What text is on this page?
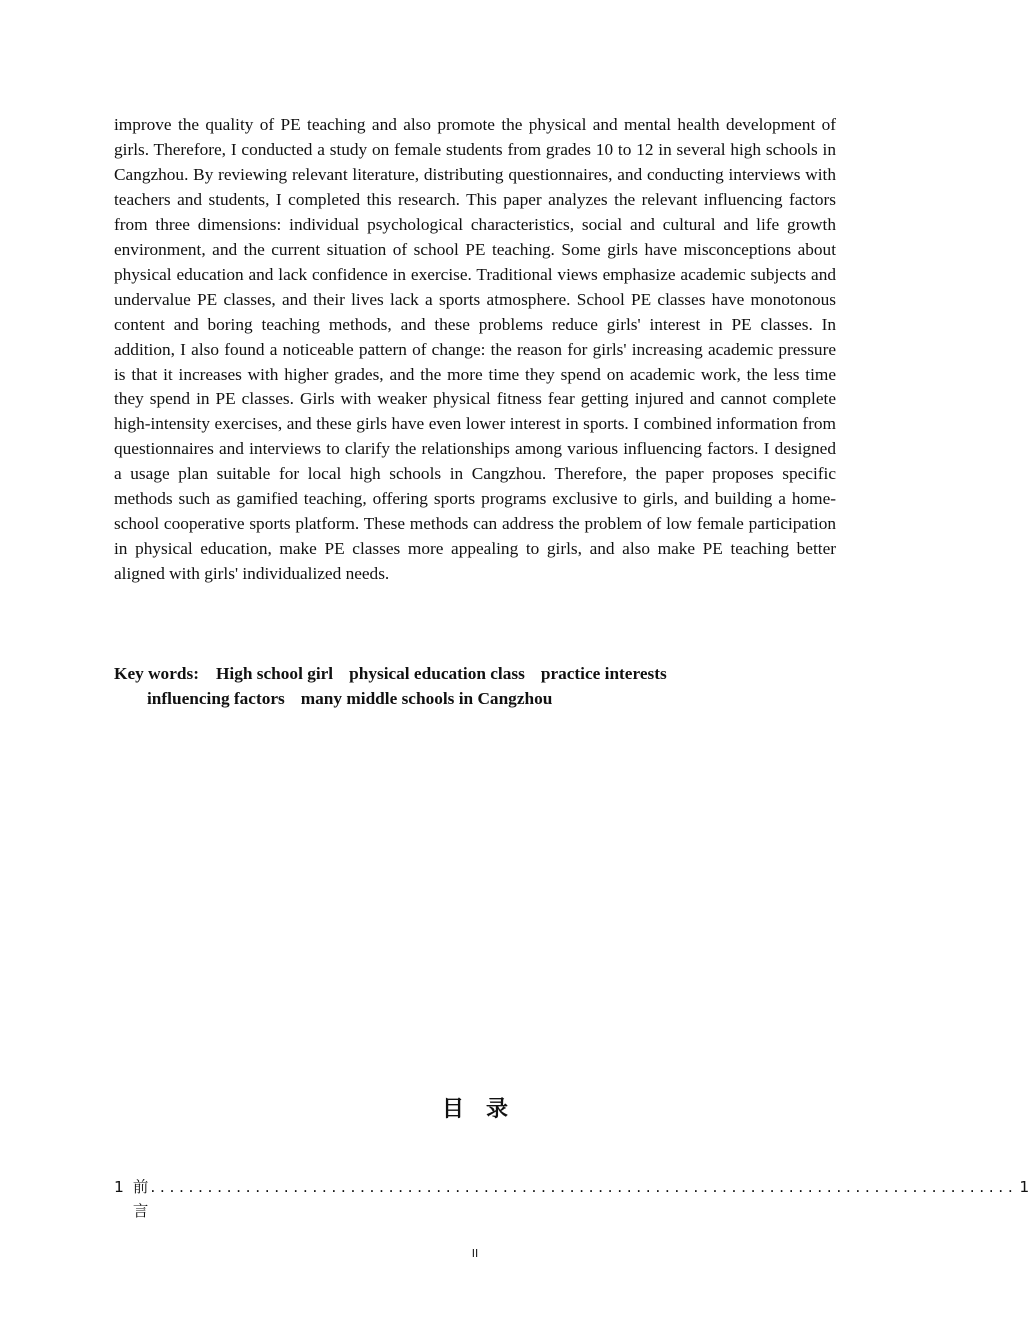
improve the quality of PE teaching and also promote the physical and mental health development of girls. Therefore, I conducted a study on female students from grades 10 to 12 in several high schools in Cangzhou. By reviewing relevant literature, distributing questionnaires, and conducting interviews with teachers and students, I completed this research. This paper analyzes the relevant influencing factors from three dimensions: individual psychological characteristics, social and cultural and life growth environment, and the current situation of school PE teaching. Some girls have misconceptions about physical education and lack confidence in exercise. Traditional views emphasize academic subjects and undervalue PE classes, and their lives lack a sports atmosphere. School PE classes have monotonous content and boring teaching methods, and these problems reduce girls' interest in PE classes. In addition, I also found a noticeable pattern of change: the reason for girls' increasing academic pressure is that it increases with higher grades, and the more time they spend on academic work, the less time they spend in PE classes. Girls with weaker physical fitness fear getting injured and cannot complete high-intensity exercises, and these girls have even lower interest in sports. I combined information from questionnaires and interviews to clarify the relationships among various influencing factors. I designed a usage plan suitable for local high schools in Cangzhou. Therefore, the paper proposes specific methods such as gamified teaching, offering sports programs exclusive to girls, and building a home-school cooperative sports platform. These methods can address the problem of low female participation in physical education, make PE classes more appealing to girls, and also make PE teaching better aligned with girls' individualized needs.

Key words: High school girl physical education class practice interests
influencing factors many middle schools in Cangzhou
目录
1 前言
........................................................................................... 1
II
